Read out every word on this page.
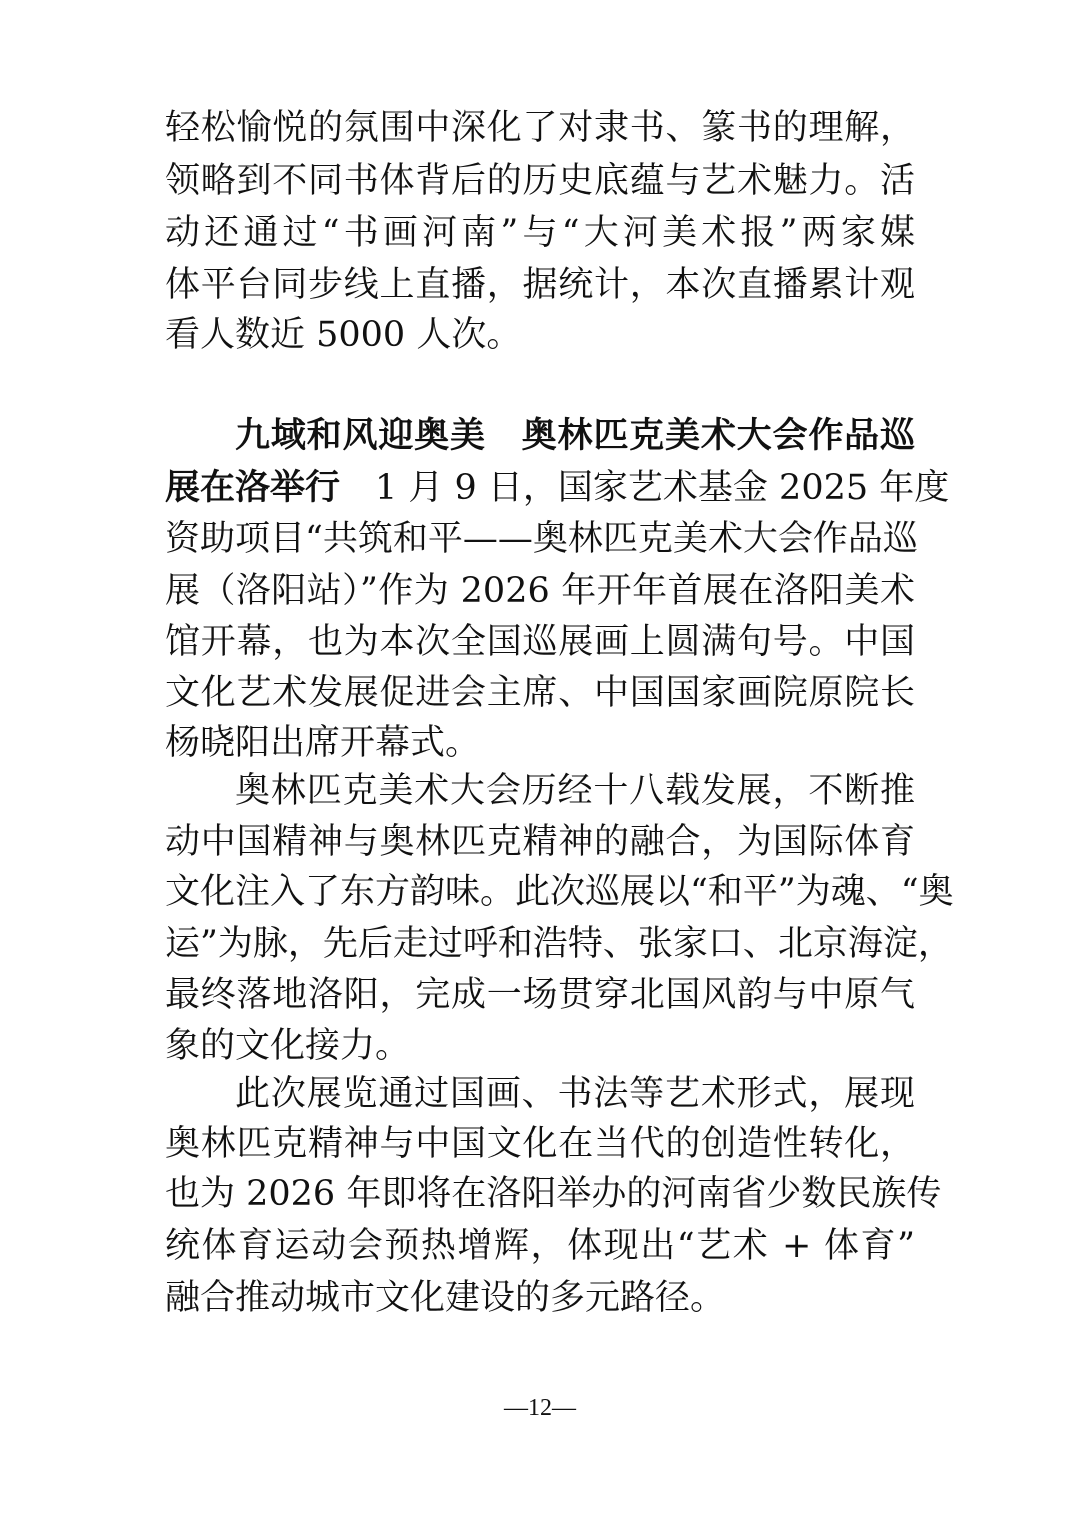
轻松愉悦的氛围中深化了对隶书、篆书的理解，
领略到不同书体背后的历史底蕴与艺术魅力。活
动还通过“书画河南”与“大河美术报”两家媒
体平台同步线上直播，据统计，本次直播累计观
看人数近 5000 人次。
九域和风迎奥美　奥林匹克美术大会作品巡
展在洛举行　1 月 9 日，国家艺术基金 2025 年度
资助项目“共筑和平——奥林匹克美术大会作品巡
展（洛阳站）”作为 2026 年开年首展在洛阳美术
馆开幕，也为本次全国巡展画上圆满句号。中国
文化艺术发展促进会主席、中国国家画院原院长
杨晓阳出席开幕式。
奥林匹克美术大会历经十八载发展，不断推
动中国精神与奥林匹克精神的融合，为国际体育
文化注入了东方韵味。此次巡展以“和平”为魂、“奥
运”为脉，先后走过呼和浩特、张家口、北京海淀，
最终落地洛阳，完成一场贯穿北国风韵与中原气
象的文化接力。
此次展览通过国画、书法等艺术形式，展现
奥林匹克精神与中国文化在当代的创造性转化，
也为 2026 年即将在洛阳举办的河南省少数民族传
统体育运动会预热增辉，体现出“艺术 + 体育”
融合推动城市文化建设的多元路径。
—12—
